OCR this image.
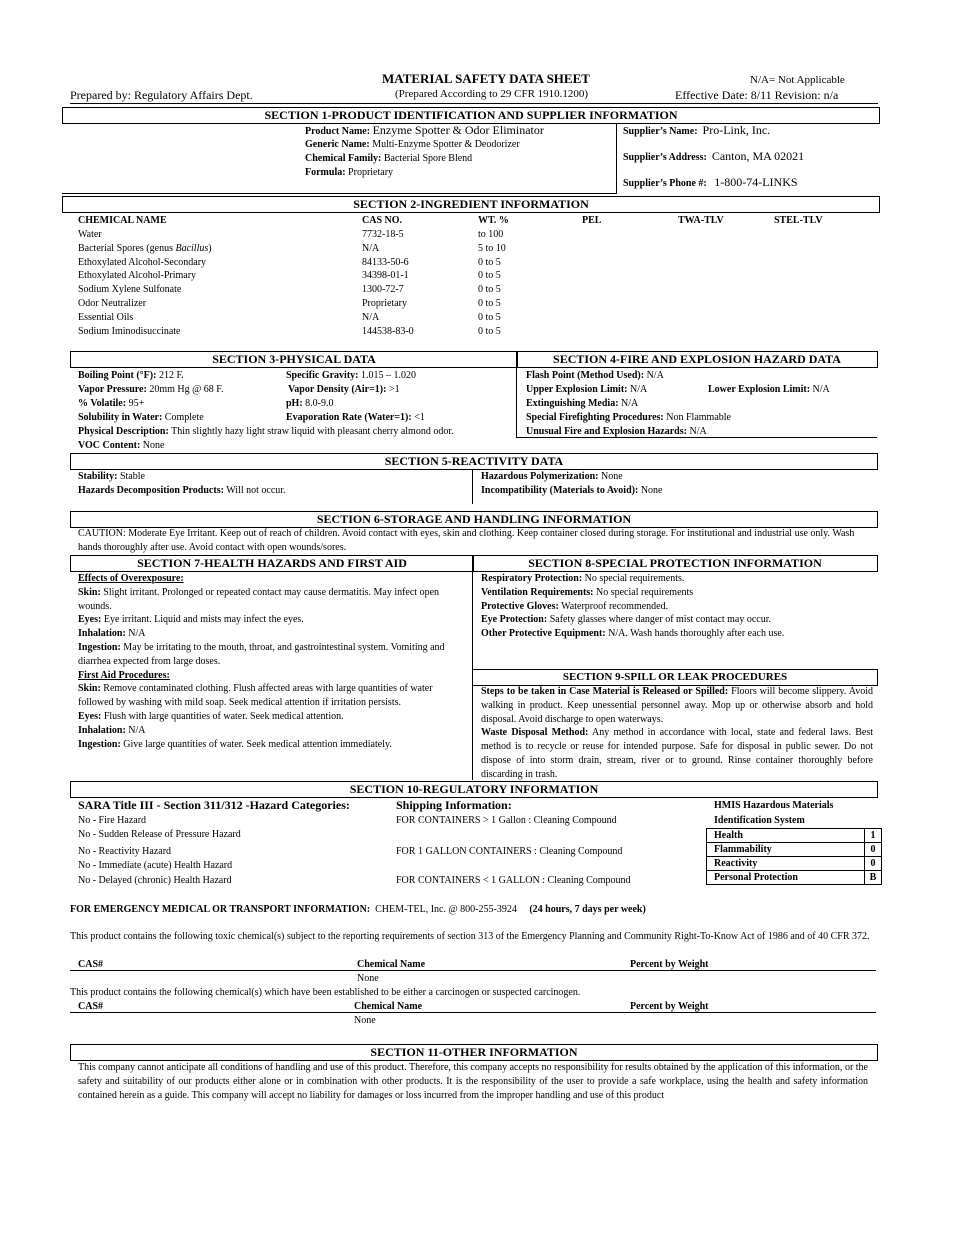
MATERIAL SAFETY DATA SHEET
(Prepared According to 29 CFR 1910.1200)
Prepared by: Regulatory Affairs Dept.
N/A= Not Applicable
Effective Date: 8/11 Revision: n/a
SECTION 1-PRODUCT IDENTIFICATION AND SUPPLIER INFORMATION
Product Name: Enzyme Spotter & Odor Eliminator
Generic Name: Multi-Enzyme Spotter & Deodorizer
Chemical Family: Bacterial Spore Blend
Formula: Proprietary
Supplier’s Name: Pro-Link, Inc.
Supplier’s Address: Canton, MA 02021
Supplier’s Phone #: 1-800-74-LINKS
SECTION 2-INGREDIENT INFORMATION
CHEMICAL NAME	CAS NO.	WT. %	PEL	TWA-TLV	STEL-TLV
Water	7732-18-5	to 100
Bacterial Spores (genus Bacillus)	N/A	5 to 10
Ethoxylated Alcohol-Secondary	84133-50-6	0 to 5
Ethoxylated Alcohol-Primary	34398-01-1	0 to 5
Sodium Xylene Sulfonate	1300-72-7	0 to 5
Odor Neutralizer	Proprietary	0 to 5
Essential Oils	N/A	0 to 5
Sodium Iminodisuccinate	144538-83-0	0 to 5
SECTION 3-PHYSICAL DATA	SECTION 4-FIRE AND EXPLOSION HAZARD DATA
Boiling Point (°F): 212 F.	Specific Gravity: 1.015 – 1.020
Vapor Pressure: 20mm Hg @ 68 F.	Vapor Density (Air=1): >1
% Volatile: 95+	pH: 8.0-9.0
Solubility in Water: Complete	Evaporation Rate (Water=1): <1
Physical Description: Thin slightly hazy light straw liquid with pleasant cherry almond odor.
VOC Content: None
Flash Point (Method Used): N/A
Upper Explosion Limit: N/A	Lower Explosion Limit: N/A
Extinguishing Media: N/A
Special Firefighting Procedures: Non Flammable
Unusual Fire and Explosion Hazards: N/A
SECTION 5-REACTIVITY DATA
Stability: Stable
Hazards Decomposition Products: Will not occur.
Hazardous Polymerization: None
Incompatibility (Materials to Avoid): None
SECTION 6-STORAGE AND HANDLING INFORMATION
CAUTION: Moderate Eye Irritant. Keep out of reach of children. Avoid contact with eyes, skin and clothing. Keep container closed during storage. For institutional and industrial use only. Wash hands thoroughly after use. Avoid contact with open wounds/sores.
SECTION 7-HEALTH HAZARDS AND FIRST AID	SECTION 8-SPECIAL PROTECTION INFORMATION
Effects of Overexposure:
Skin: Slight irritant. Prolonged or repeated contact may cause dermatitis. May infect open wounds.
Eyes: Eye irritant. Liquid and mists may infect the eyes.
Inhalation: N/A
Ingestion: May be irritating to the mouth, throat, and gastrointestinal system. Vomiting and diarrhea expected from large doses.
First Aid Procedures:
Skin: Remove contaminated clothing. Flush affected areas with large quantities of water followed by washing with mild soap. Seek medical attention if irritation persists.
Eyes: Flush with large quantities of water. Seek medical attention.
Inhalation: N/A
Ingestion: Give large quantities of water. Seek medical attention immediately.
Respiratory Protection: No special requirements.
Ventilation Requirements: No special requirements
Protective Gloves: Waterproof recommended.
Eye Protection: Safety glasses where danger of mist contact may occur.
Other Protective Equipment: N/A. Wash hands thoroughly after each use.
SECTION 9-SPILL OR LEAK PROCEDURES
Steps to be taken in Case Material is Released or Spilled: Floors will become slippery. Avoid walking in product. Keep unessential personnel away. Mop up or otherwise absorb and hold disposal. Avoid discharge to open waterways.
Waste Disposal Method: Any method in accordance with local, state and federal laws. Best method is to recycle or reuse for intended purpose. Safe for disposal in public sewer. Do not dispose of into storm drain, stream, river or to ground. Rinse container thoroughly before discarding in trash.
SECTION 10-REGULATORY INFORMATION
SARA Title III - Section 311/312 -Hazard Categories:
No - Fire Hazard
No - Sudden Release of Pressure Hazard
No - Reactivity Hazard
No - Immediate (acute) Health Hazard
No - Delayed (chronic) Health Hazard
Shipping Information:
FOR CONTAINERS > 1 Gallon : Cleaning Compound
FOR 1 GALLON CONTAINERS : Cleaning Compound
FOR CONTAINERS < 1 GALLON : Cleaning Compound
HMIS Hazardous Materials
Identification System
Health	1
Flammability	0
Reactivity	0
Personal Protection	B
FOR EMERGENCY MEDICAL OR TRANSPORT INFORMATION: CHEM-TEL, Inc. @ 800-255-3924 (24 hours, 7 days per week)
This product contains the following toxic chemical(s) subject to the reporting requirements of section 313 of the Emergency Planning and Community Right-To-Know Act of 1986 and of 40 CFR 372.
CAS#	Chemical Name	Percent by Weight
None
This product contains the following chemical(s) which have been established to be either a carcinogen or suspected carcinogen.
CAS#	Chemical Name	Percent by Weight
None
SECTION 11-OTHER INFORMATION
This company cannot anticipate all conditions of handling and use of this product. Therefore, this company accepts no responsibility for results obtained by the application of this information, or the safety and suitability of our products either alone or in combination with other products. It is the responsibility of the user to provide a safe workplace, using the health and safety information contained herein as a guide. This company will accept no liability for damages or loss incurred from the improper handling and use of this product
